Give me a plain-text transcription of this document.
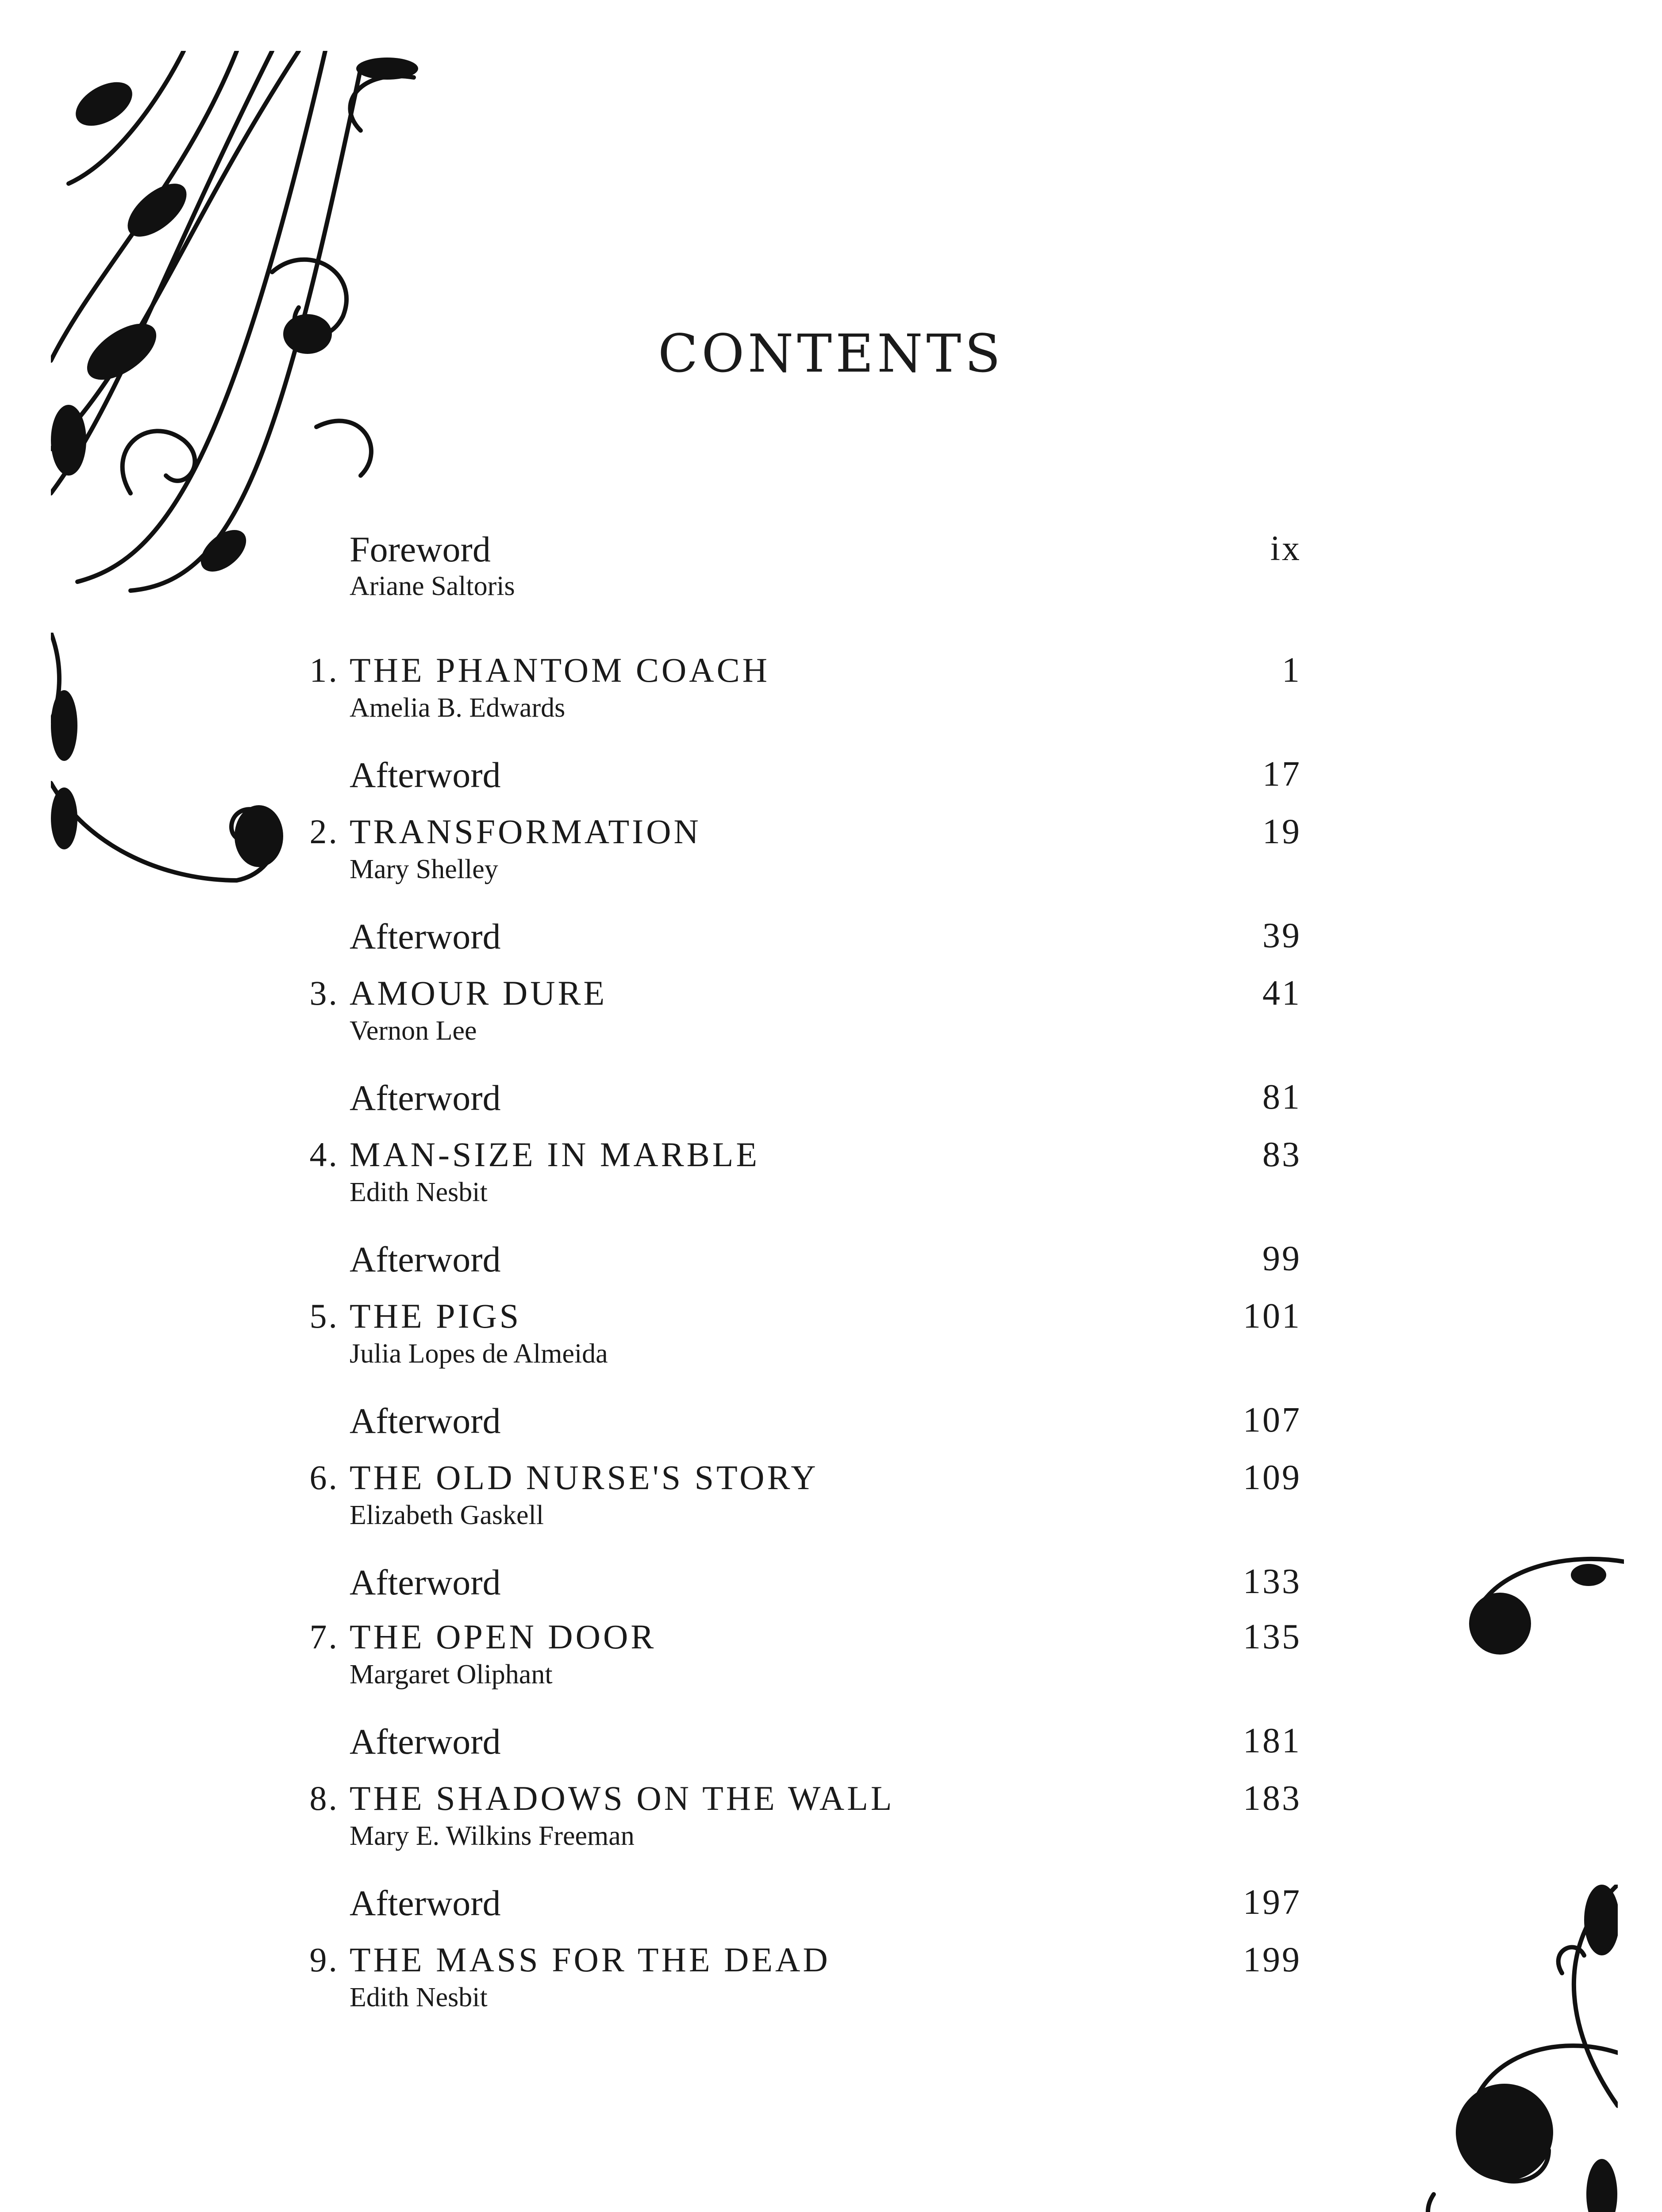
CONTENTS
Foreword	ix
Ariane Saltoris
1. THE PHANTOM COACH	1
Amelia B. Edwards
Afterword	17
2. TRANSFORMATION	19
Mary Shelley
Afterword	39
3. AMOUR DURE	41
Vernon Lee
Afterword	81
4. MAN-SIZE IN MARBLE	83
Edith Nesbit
Afterword	99
5. THE PIGS	101
Julia Lopes de Almeida
Afterword	107
6. THE OLD NURSE'S STORY	109
Elizabeth Gaskell
Afterword	133
7. THE OPEN DOOR	135
Margaret Oliphant
Afterword	181
8. THE SHADOWS ON THE WALL	183
Mary E. Wilkins Freeman
Afterword	197
9. THE MASS FOR THE DEAD	199
Edith Nesbit
